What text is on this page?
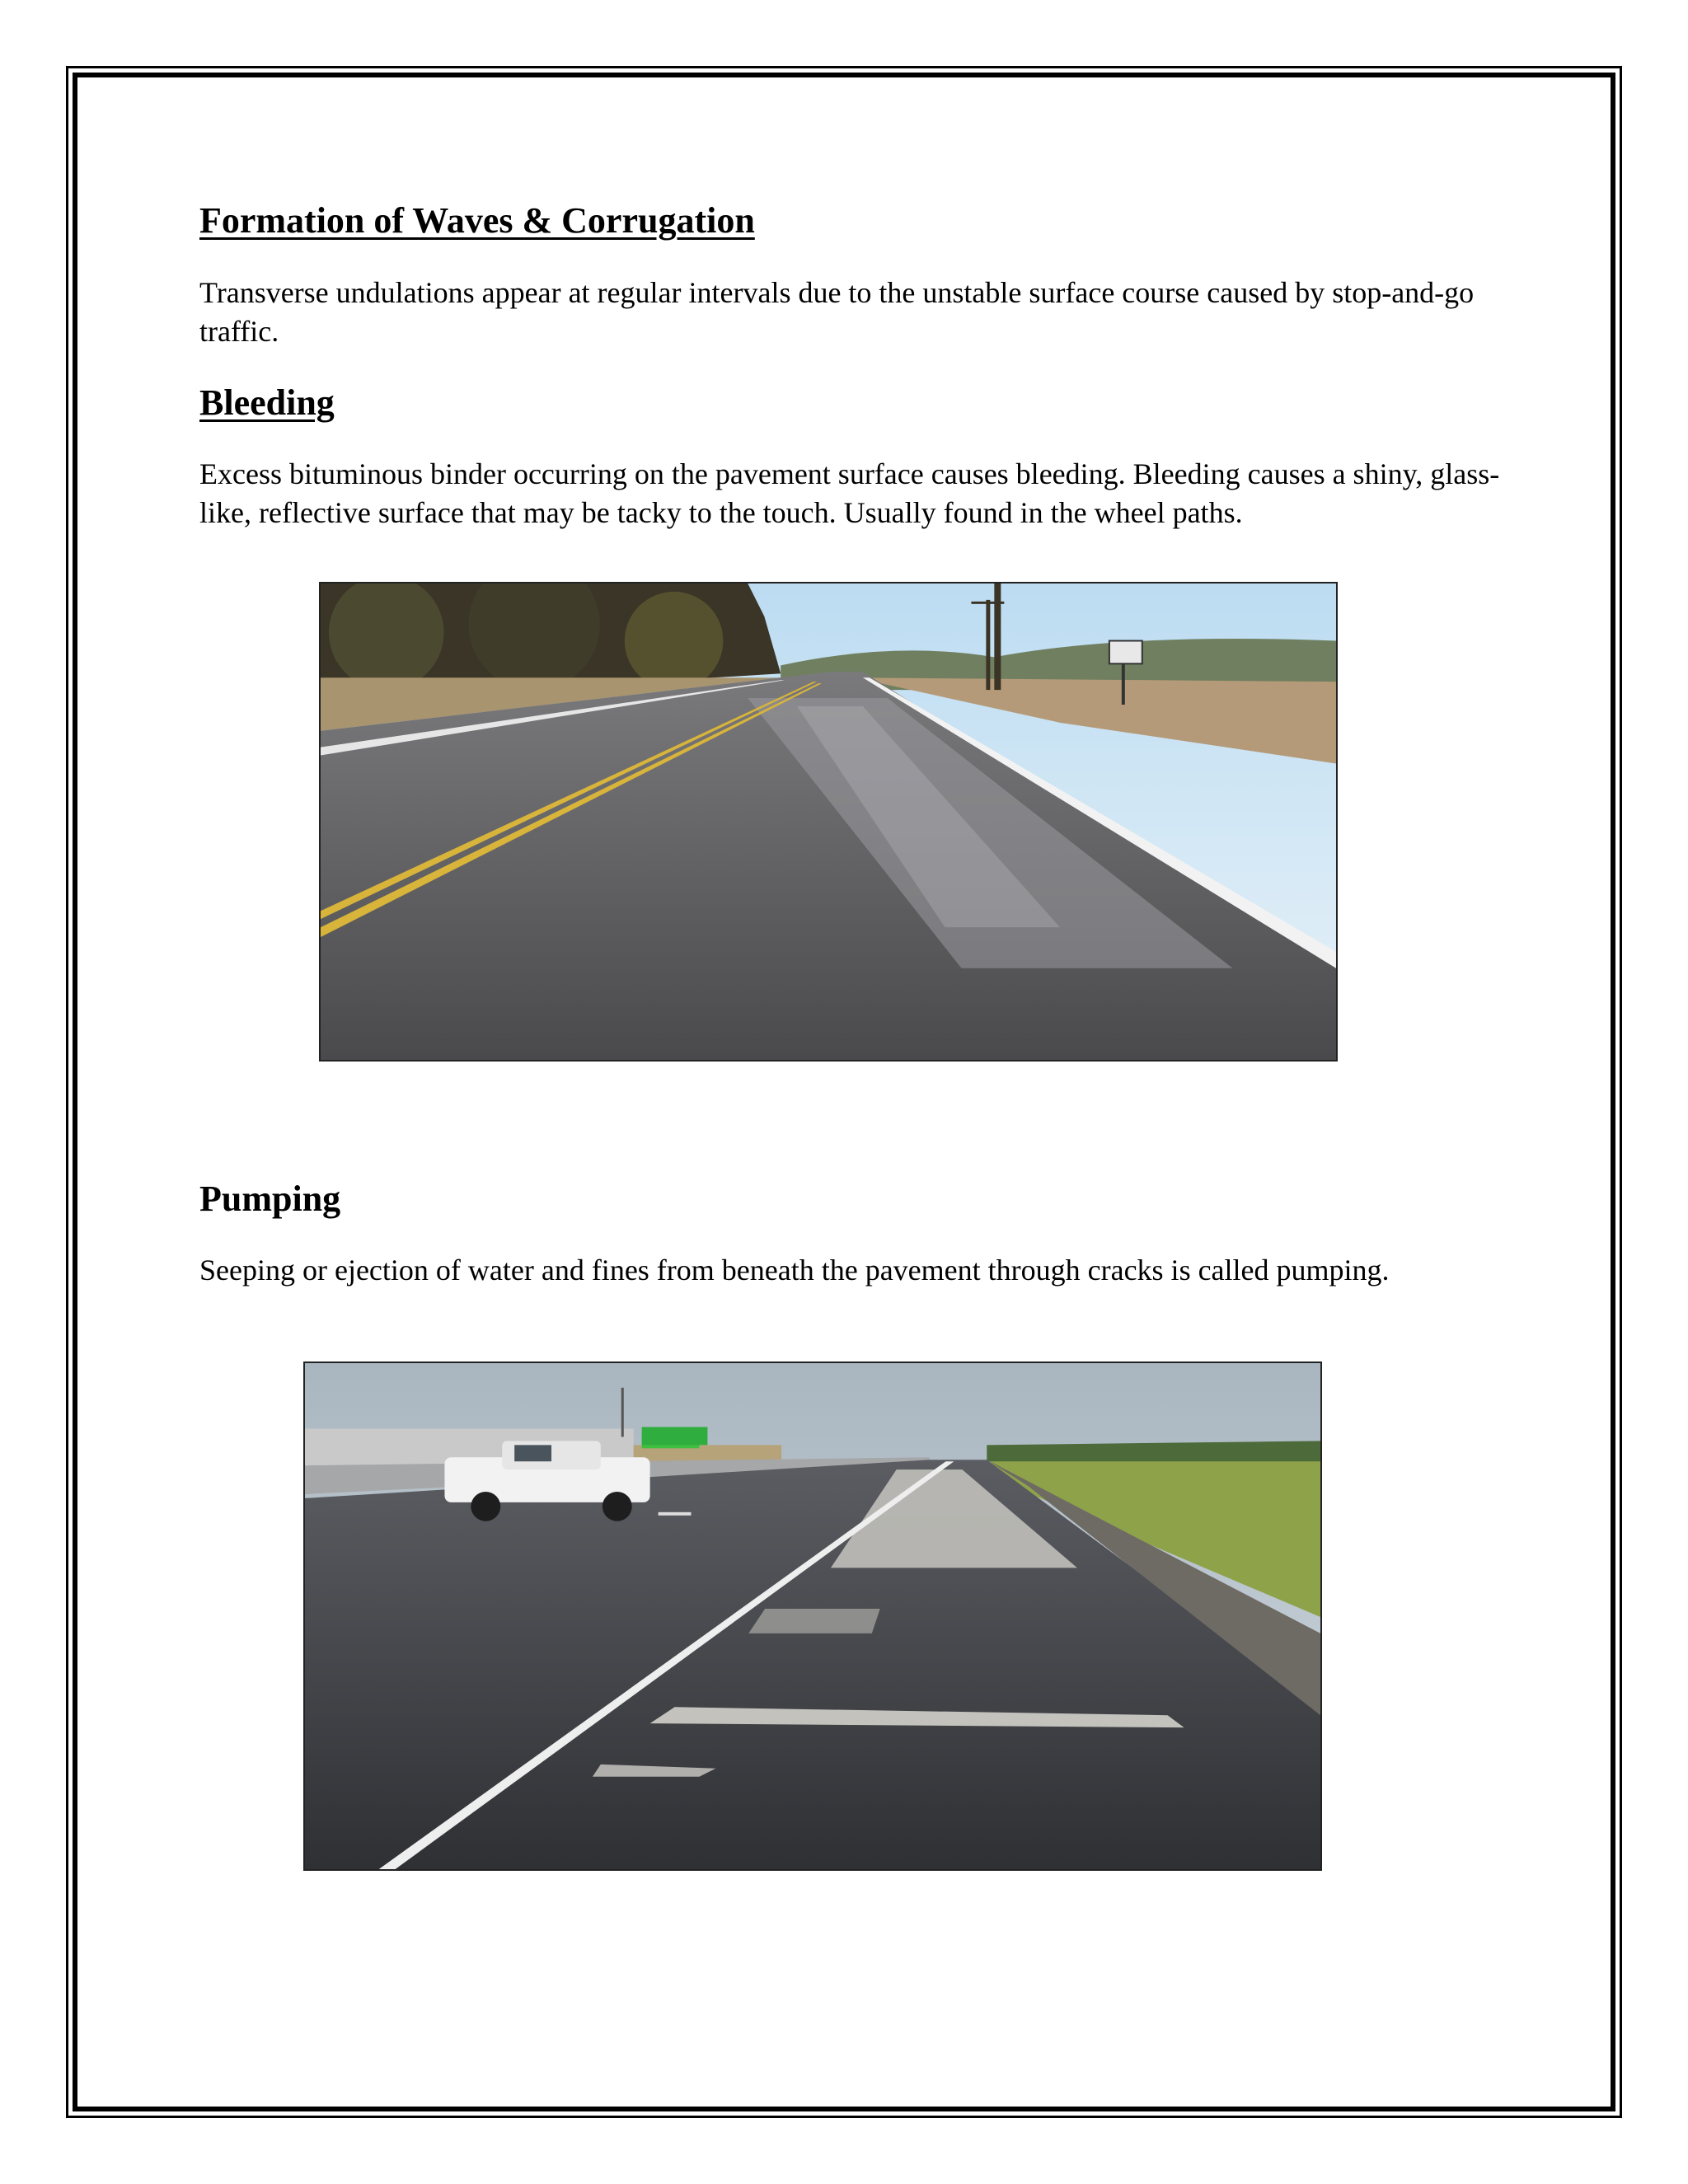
Formation of Waves & Corrugation

Transverse undulations appear at regular intervals due to the unstable surface course caused by stop-and-go traffic.

Bleeding

Excess bituminous binder occurring on the pavement surface causes bleeding. Bleeding causes a shiny, glass-like, reflective surface that may be tacky to the touch. Usually found in the wheel paths.

Pumping

Seeping or ejection of water and fines from beneath the pavement through cracks is called pumping.
